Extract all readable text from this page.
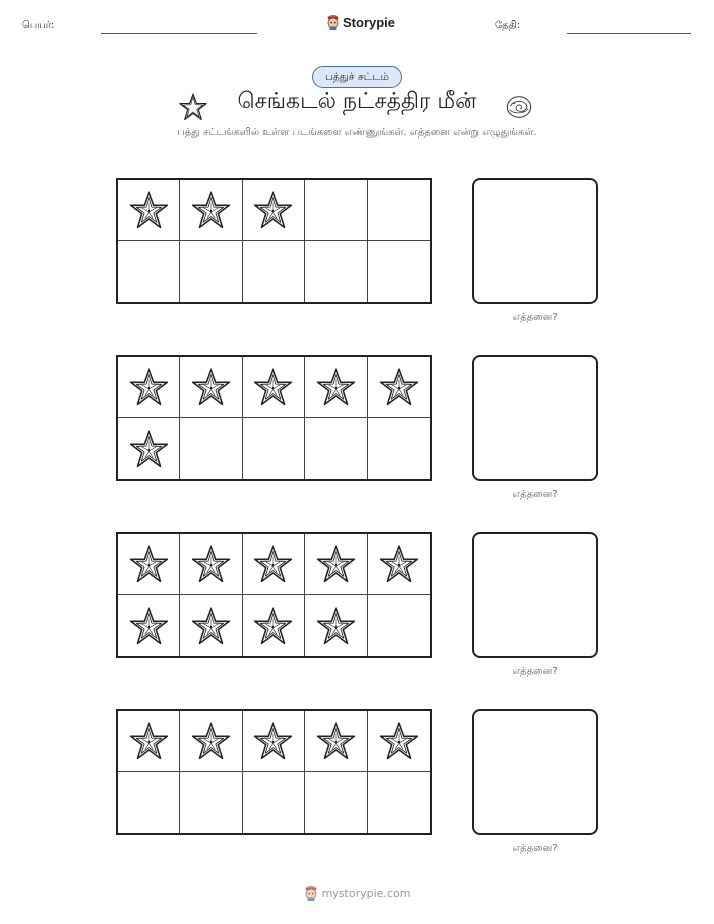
பெயர்:	Storypie	தேதி:
பத்துச் சட்டம்
செங்கடல் நட்சத்திர மீன்
பத்து சட்டங்களில் உள்ள படங்களை எண்ணுங்கள். எத்தனை என்று எழுதுங்கள்.
எத்தனை?
எத்தனை?
எத்தனை?
எத்தனை?
mystorypie.com
